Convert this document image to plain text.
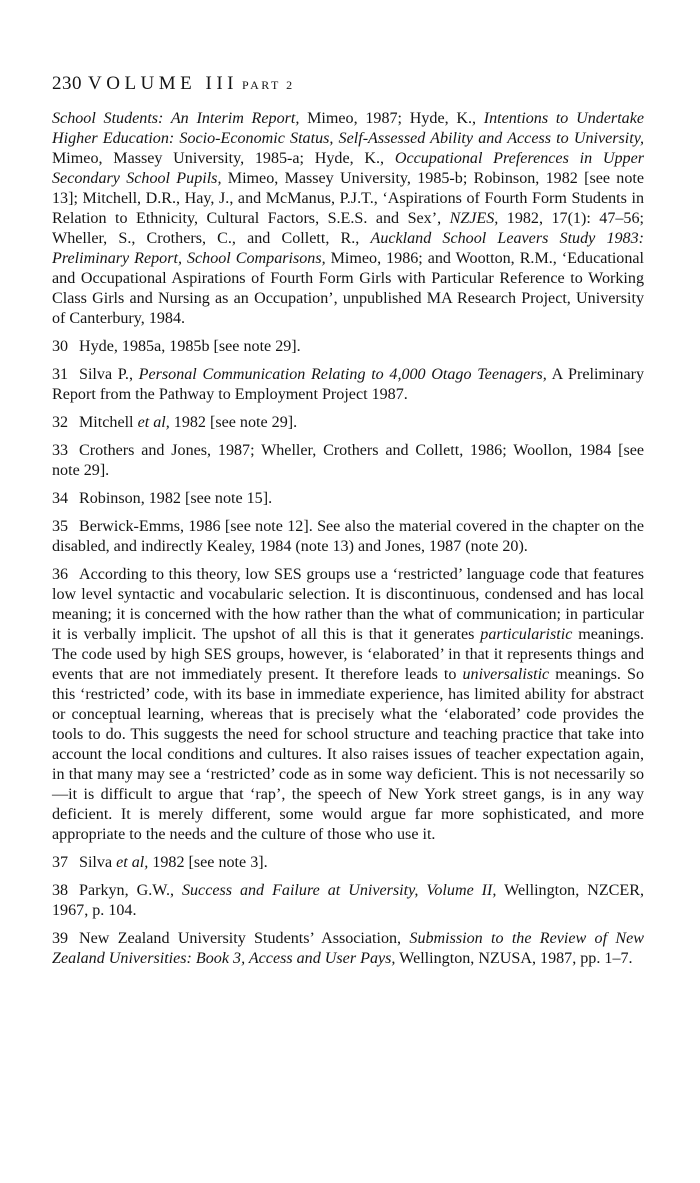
230 VOLUME III PART 2

School Students: An Interim Report, Mimeo, 1987; Hyde, K., Intentions to Undertake Higher Education: Socio-Economic Status, Self-Assessed Ability and Access to University, Mimeo, Massey University, 1985-a; Hyde, K., Occupational Preferences in Upper Secondary School Pupils, Mimeo, Massey University, 1985-b; Robinson, 1982 [see note 13]; Mitchell, D.R., Hay, J., and McManus, P.J.T., ‘Aspirations of Fourth Form Students in Relation to Ethnicity, Cultural Factors, S.E.S. and Sex’, NZJES, 1982, 17(1): 47–56; Wheller, S., Crothers, C., and Collett, R., Auckland School Leavers Study 1983: Preliminary Report, School Comparisons, Mimeo, 1986; and Wootton, R.M., ‘Educational and Occupational Aspirations of Fourth Form Girls with Particular Reference to Working Class Girls and Nursing as an Occupation’, unpublished MA Research Project, University of Canterbury, 1984.

30 Hyde, 1985a, 1985b [see note 29].

31 Silva P., Personal Communication Relating to 4,000 Otago Teenagers, A Preliminary Report from the Pathway to Employment Project 1987.

32 Mitchell et al, 1982 [see note 29].

33 Crothers and Jones, 1987; Wheller, Crothers and Collett, 1986; Woollon, 1984 [see note 29].

34 Robinson, 1982 [see note 15].

35 Berwick-Emms, 1986 [see note 12]. See also the material covered in the chapter on the disabled, and indirectly Kealey, 1984 (note 13) and Jones, 1987 (note 20).

36 According to this theory, low SES groups use a ‘restricted’ language code that features low level syntactic and vocabularic selection. It is discontinuous, condensed and has local meaning; it is concerned with the how rather than the what of communication; in particular it is verbally implicit. The upshot of all this is that it generates particularistic meanings. The code used by high SES groups, however, is ‘elaborated’ in that it represents things and events that are not immediately present. It therefore leads to universalistic meanings. So this ‘restricted’ code, with its base in immediate experience, has limited ability for abstract or conceptual learning, whereas that is precisely what the ‘elaborated’ code provides the tools to do. This suggests the need for school structure and teaching practice that take into account the local conditions and cultures. It also raises issues of teacher expectation again, in that many may see a ‘restricted’ code as in some way deficient. This is not necessarily so—it is difficult to argue that ‘rap’, the speech of New York street gangs, is in any way deficient. It is merely different, some would argue far more sophisticated, and more appropriate to the needs and the culture of those who use it.

37 Silva et al, 1982 [see note 3].

38 Parkyn, G.W., Success and Failure at University, Volume II, Wellington, NZCER, 1967, p. 104.

39 New Zealand University Students’ Association, Submission to the Review of New Zealand Universities: Book 3, Access and User Pays, Wellington, NZUSA, 1987, pp. 1–7.
